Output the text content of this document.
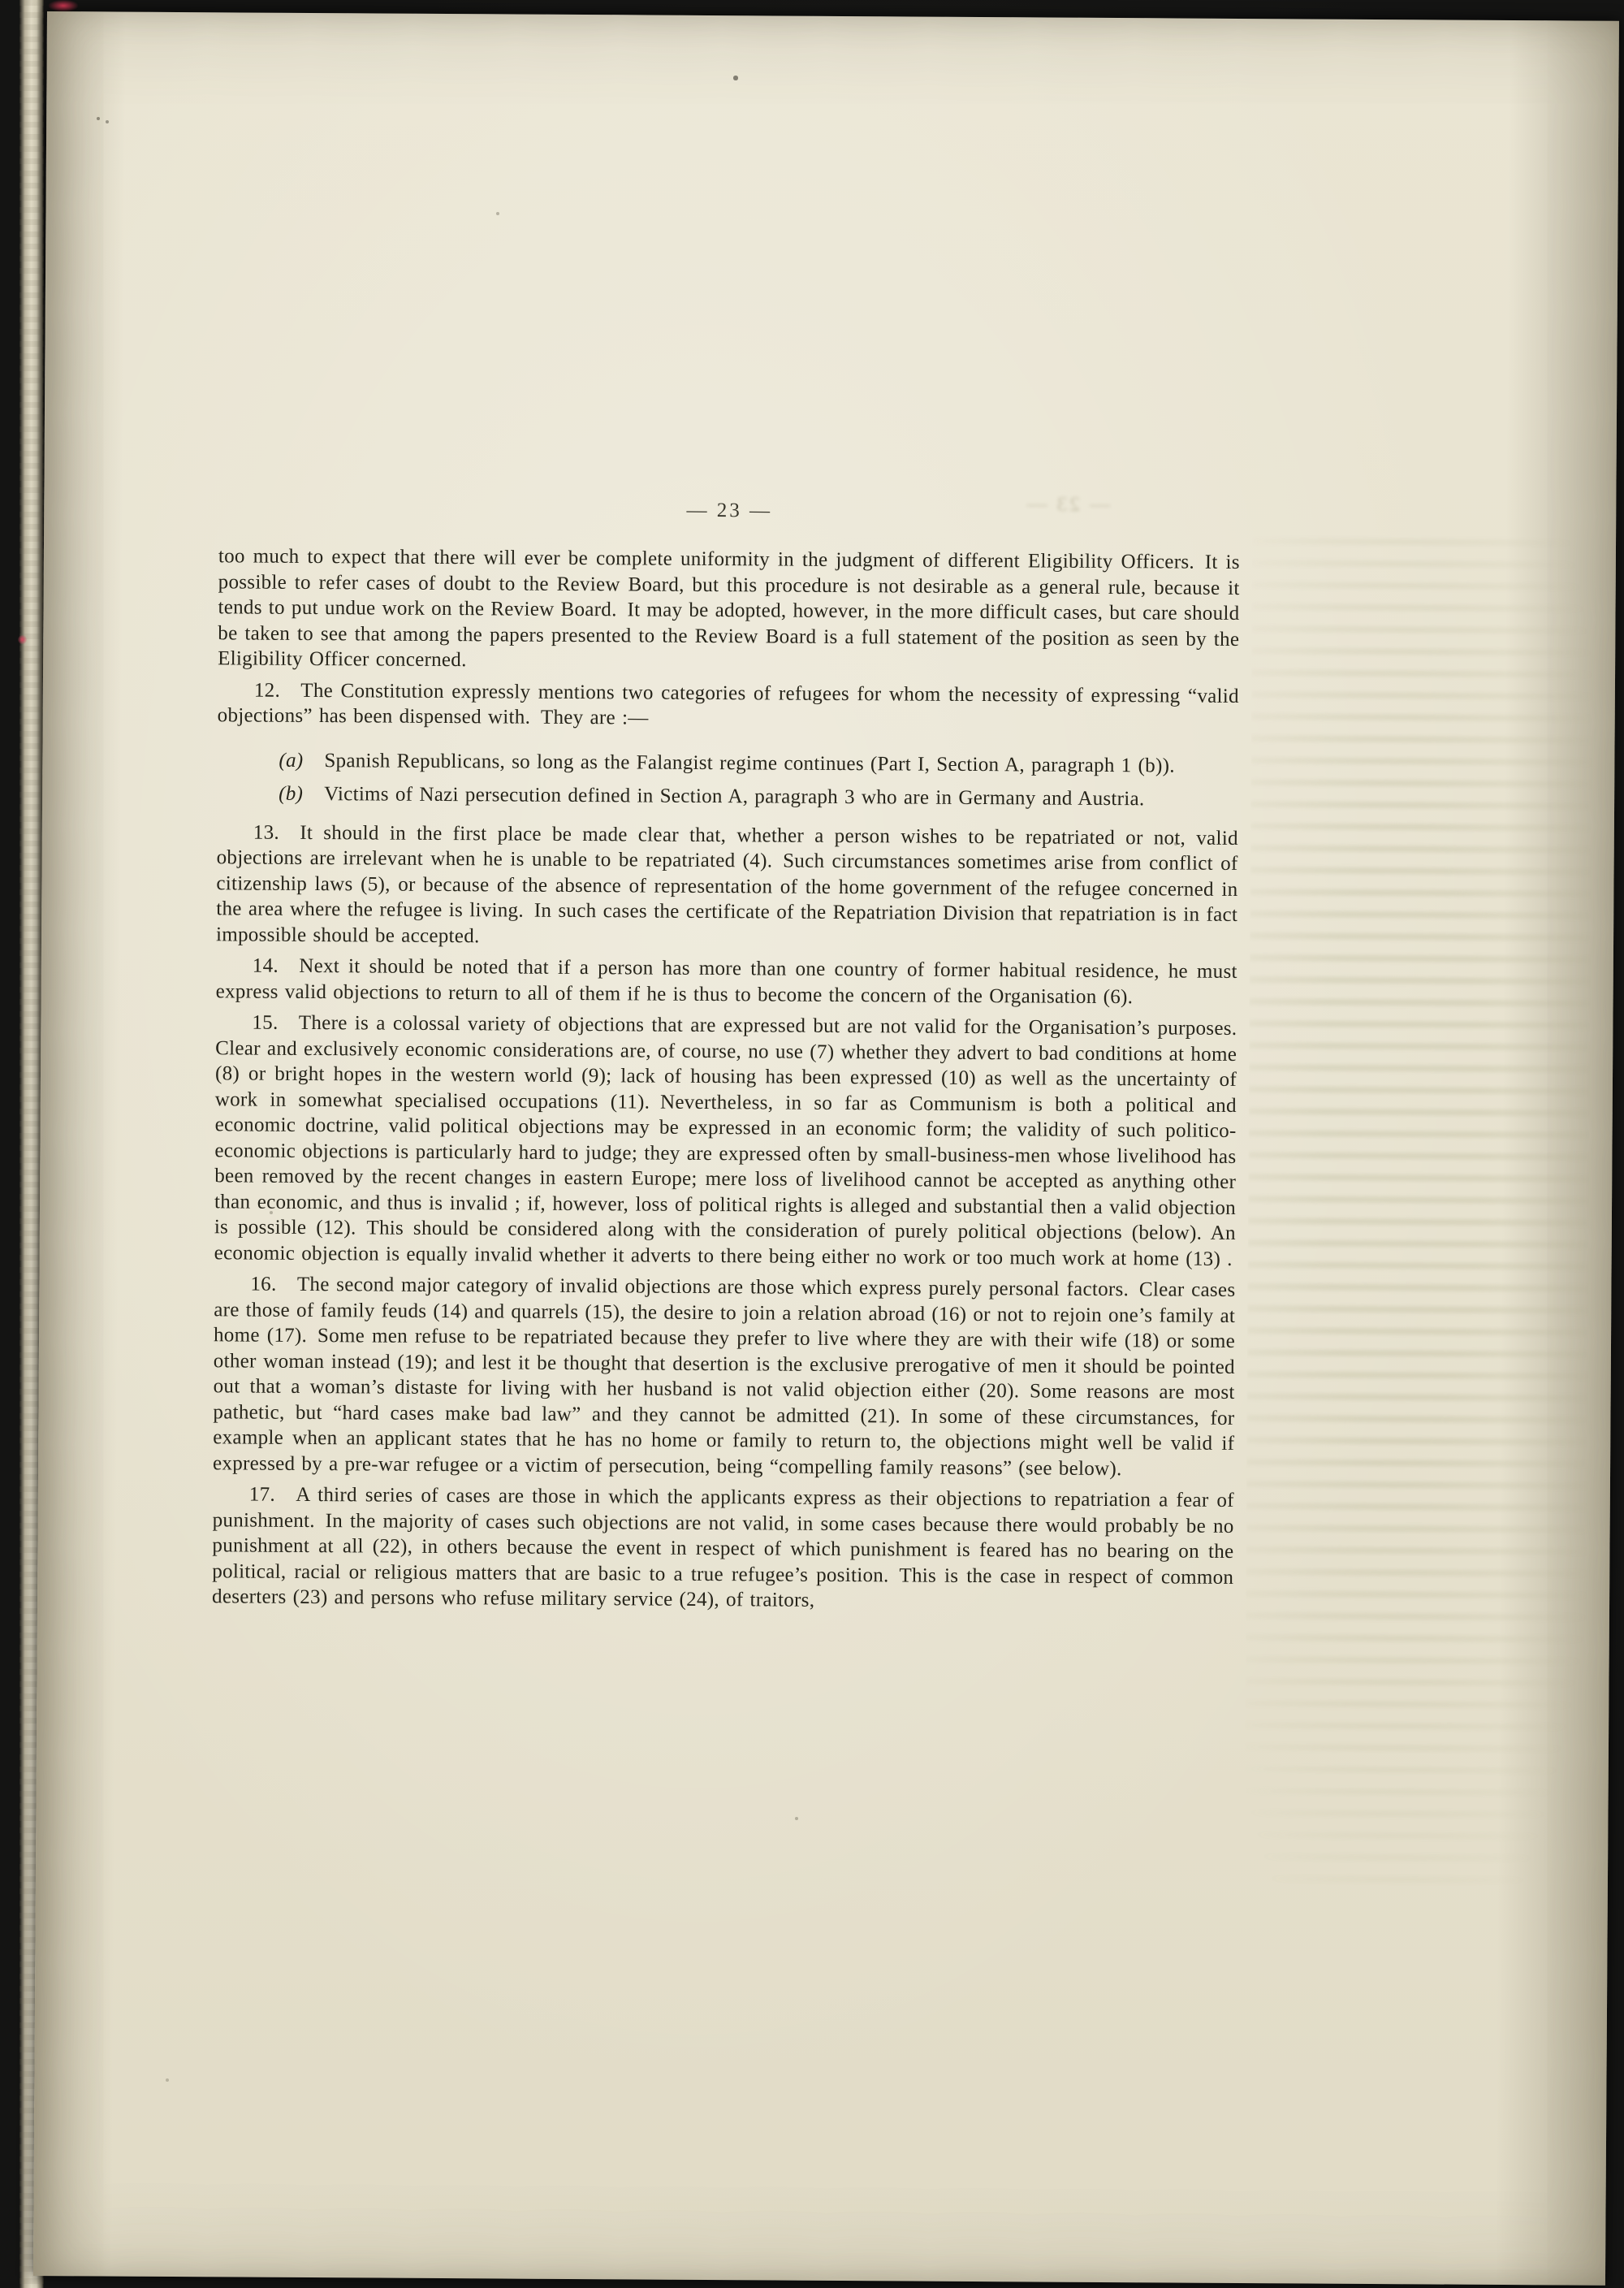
— 23 —
— 23 —

too much to expect that there will ever be complete uniformity in the judgment of different Eligibility Officers. It is possible to refer cases of doubt to the Review Board, but this procedure is not desirable as a general rule, because it tends to put undue work on the Review Board. It may be adopted, however, in the more difficult cases, but care should be taken to see that among the papers presented to the Review Board is a full statement of the position as seen by the Eligibility Officer concerned.

12. The Constitution expressly mentions two categories of refugees for whom the necessity of expressing “valid objections” has been dispensed with. They are :—

(a) Spanish Republicans, so long as the Falangist regime continues (Part I, Section A, paragraph 1 (b)).
(b) Victims of Nazi persecution defined in Section A, paragraph 3 who are in Germany and Austria.

13. It should in the first place be made clear that, whether a person wishes to be repatriated or not, valid objections are irrelevant when he is unable to be repatriated (4). Such circumstances sometimes arise from conflict of citizenship laws (5), or because of the absence of representation of the home government of the refugee concerned in the area where the refugee is living. In such cases the certificate of the Repatriation Division that repatriation is in fact impossible should be accepted.

14. Next it should be noted that if a person has more than one country of former habitual residence, he must express valid objections to return to all of them if he is thus to become the concern of the Organisation (6).

15. There is a colossal variety of objections that are expressed but are not valid for the Organisation’s purposes. Clear and exclusively economic considerations are, of course, no use (7) whether they advert to bad conditions at home (8) or bright hopes in the western world (9); lack of housing has been expressed (10) as well as the uncertainty of work in somewhat specialised occupations (11). Nevertheless, in so far as Communism is both a political and economic doctrine, valid political objections may be expressed in an economic form; the validity of such politico-economic objections is particularly hard to judge; they are expressed often by small-business-men whose livelihood has been removed by the recent changes in eastern Europe; mere loss of livelihood cannot be accepted as anything other than economic, and thus is invalid ; if, however, loss of political rights is alleged and substantial then a valid objection is possible (12). This should be considered along with the consideration of purely political objections (below). An economic objection is equally invalid whether it adverts to there being either no work or too much work at home (13) .

16. The second major category of invalid objections are those which express purely personal factors. Clear cases are those of family feuds (14) and quarrels (15), the desire to join a relation abroad (16) or not to rejoin one’s family at home (17). Some men refuse to be repatriated because they prefer to live where they are with their wife (18) or some other woman instead (19); and lest it be thought that desertion is the exclusive prerogative of men it should be pointed out that a woman’s distaste for living with her husband is not valid objection either (20). Some reasons are most pathetic, but “hard cases make bad law” and they cannot be admitted (21). In some of these circumstances, for example when an applicant states that he has no home or family to return to, the objections might well be valid if expressed by a pre-war refugee or a victim of persecution, being “compelling family reasons” (see below).

17. A third series of cases are those in which the applicants express as their objections to repatriation a fear of punishment. In the majority of cases such objections are not valid, in some cases because there would probably be no punishment at all (22), in others because the event in respect of which punishment is feared has no bearing on the political, racial or religious matters that are basic to a true refugee’s position. This is the case in respect of common deserters (23) and persons who refuse military service (24), of traitors,
